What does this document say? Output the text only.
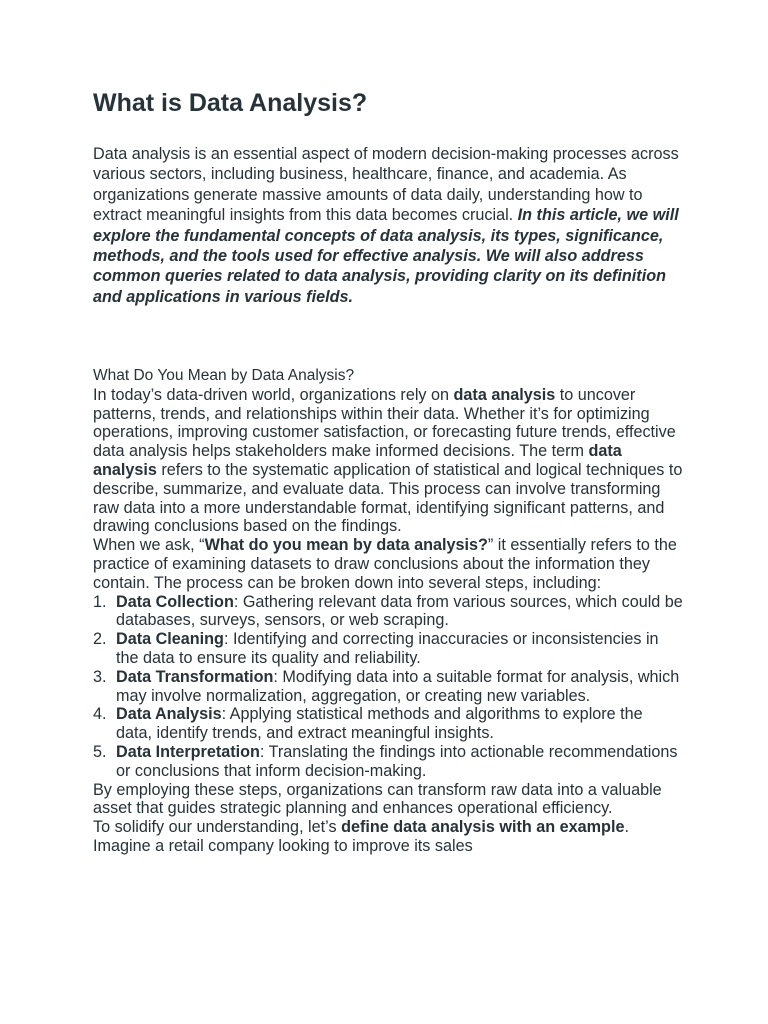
What is Data Analysis?

Data analysis is an essential aspect of modern decision-making processes across various sectors, including business, healthcare, finance, and academia. As organizations generate massive amounts of data daily, understanding how to extract meaningful insights from this data becomes crucial. In this article, we will explore the fundamental concepts of data analysis, its types, significance, methods, and the tools used for effective analysis. We will also address common queries related to data analysis, providing clarity on its definition and applications in various fields.

What Do You Mean by Data Analysis?

In today’s data-driven world, organizations rely on data analysis to uncover patterns, trends, and relationships within their data. Whether it’s for optimizing operations, improving customer satisfaction, or forecasting future trends, effective data analysis helps stakeholders make informed decisions. The term data analysis refers to the systematic application of statistical and logical techniques to describe, summarize, and evaluate data. This process can involve transforming raw data into a more understandable format, identifying significant patterns, and drawing conclusions based on the findings.

When we ask, “What do you mean by data analysis?” it essentially refers to the practice of examining datasets to draw conclusions about the information they contain. The process can be broken down into several steps, including:

1. Data Collection: Gathering relevant data from various sources, which could be databases, surveys, sensors, or web scraping.
2. Data Cleaning: Identifying and correcting inaccuracies or inconsistencies in the data to ensure its quality and reliability.
3. Data Transformation: Modifying data into a suitable format for analysis, which may involve normalization, aggregation, or creating new variables.
4. Data Analysis: Applying statistical methods and algorithms to explore the data, identify trends, and extract meaningful insights.
5. Data Interpretation: Translating the findings into actionable recommendations or conclusions that inform decision-making.

By employing these steps, organizations can transform raw data into a valuable asset that guides strategic planning and enhances operational efficiency.

To solidify our understanding, let’s define data analysis with an example. Imagine a retail company looking to improve its sales
